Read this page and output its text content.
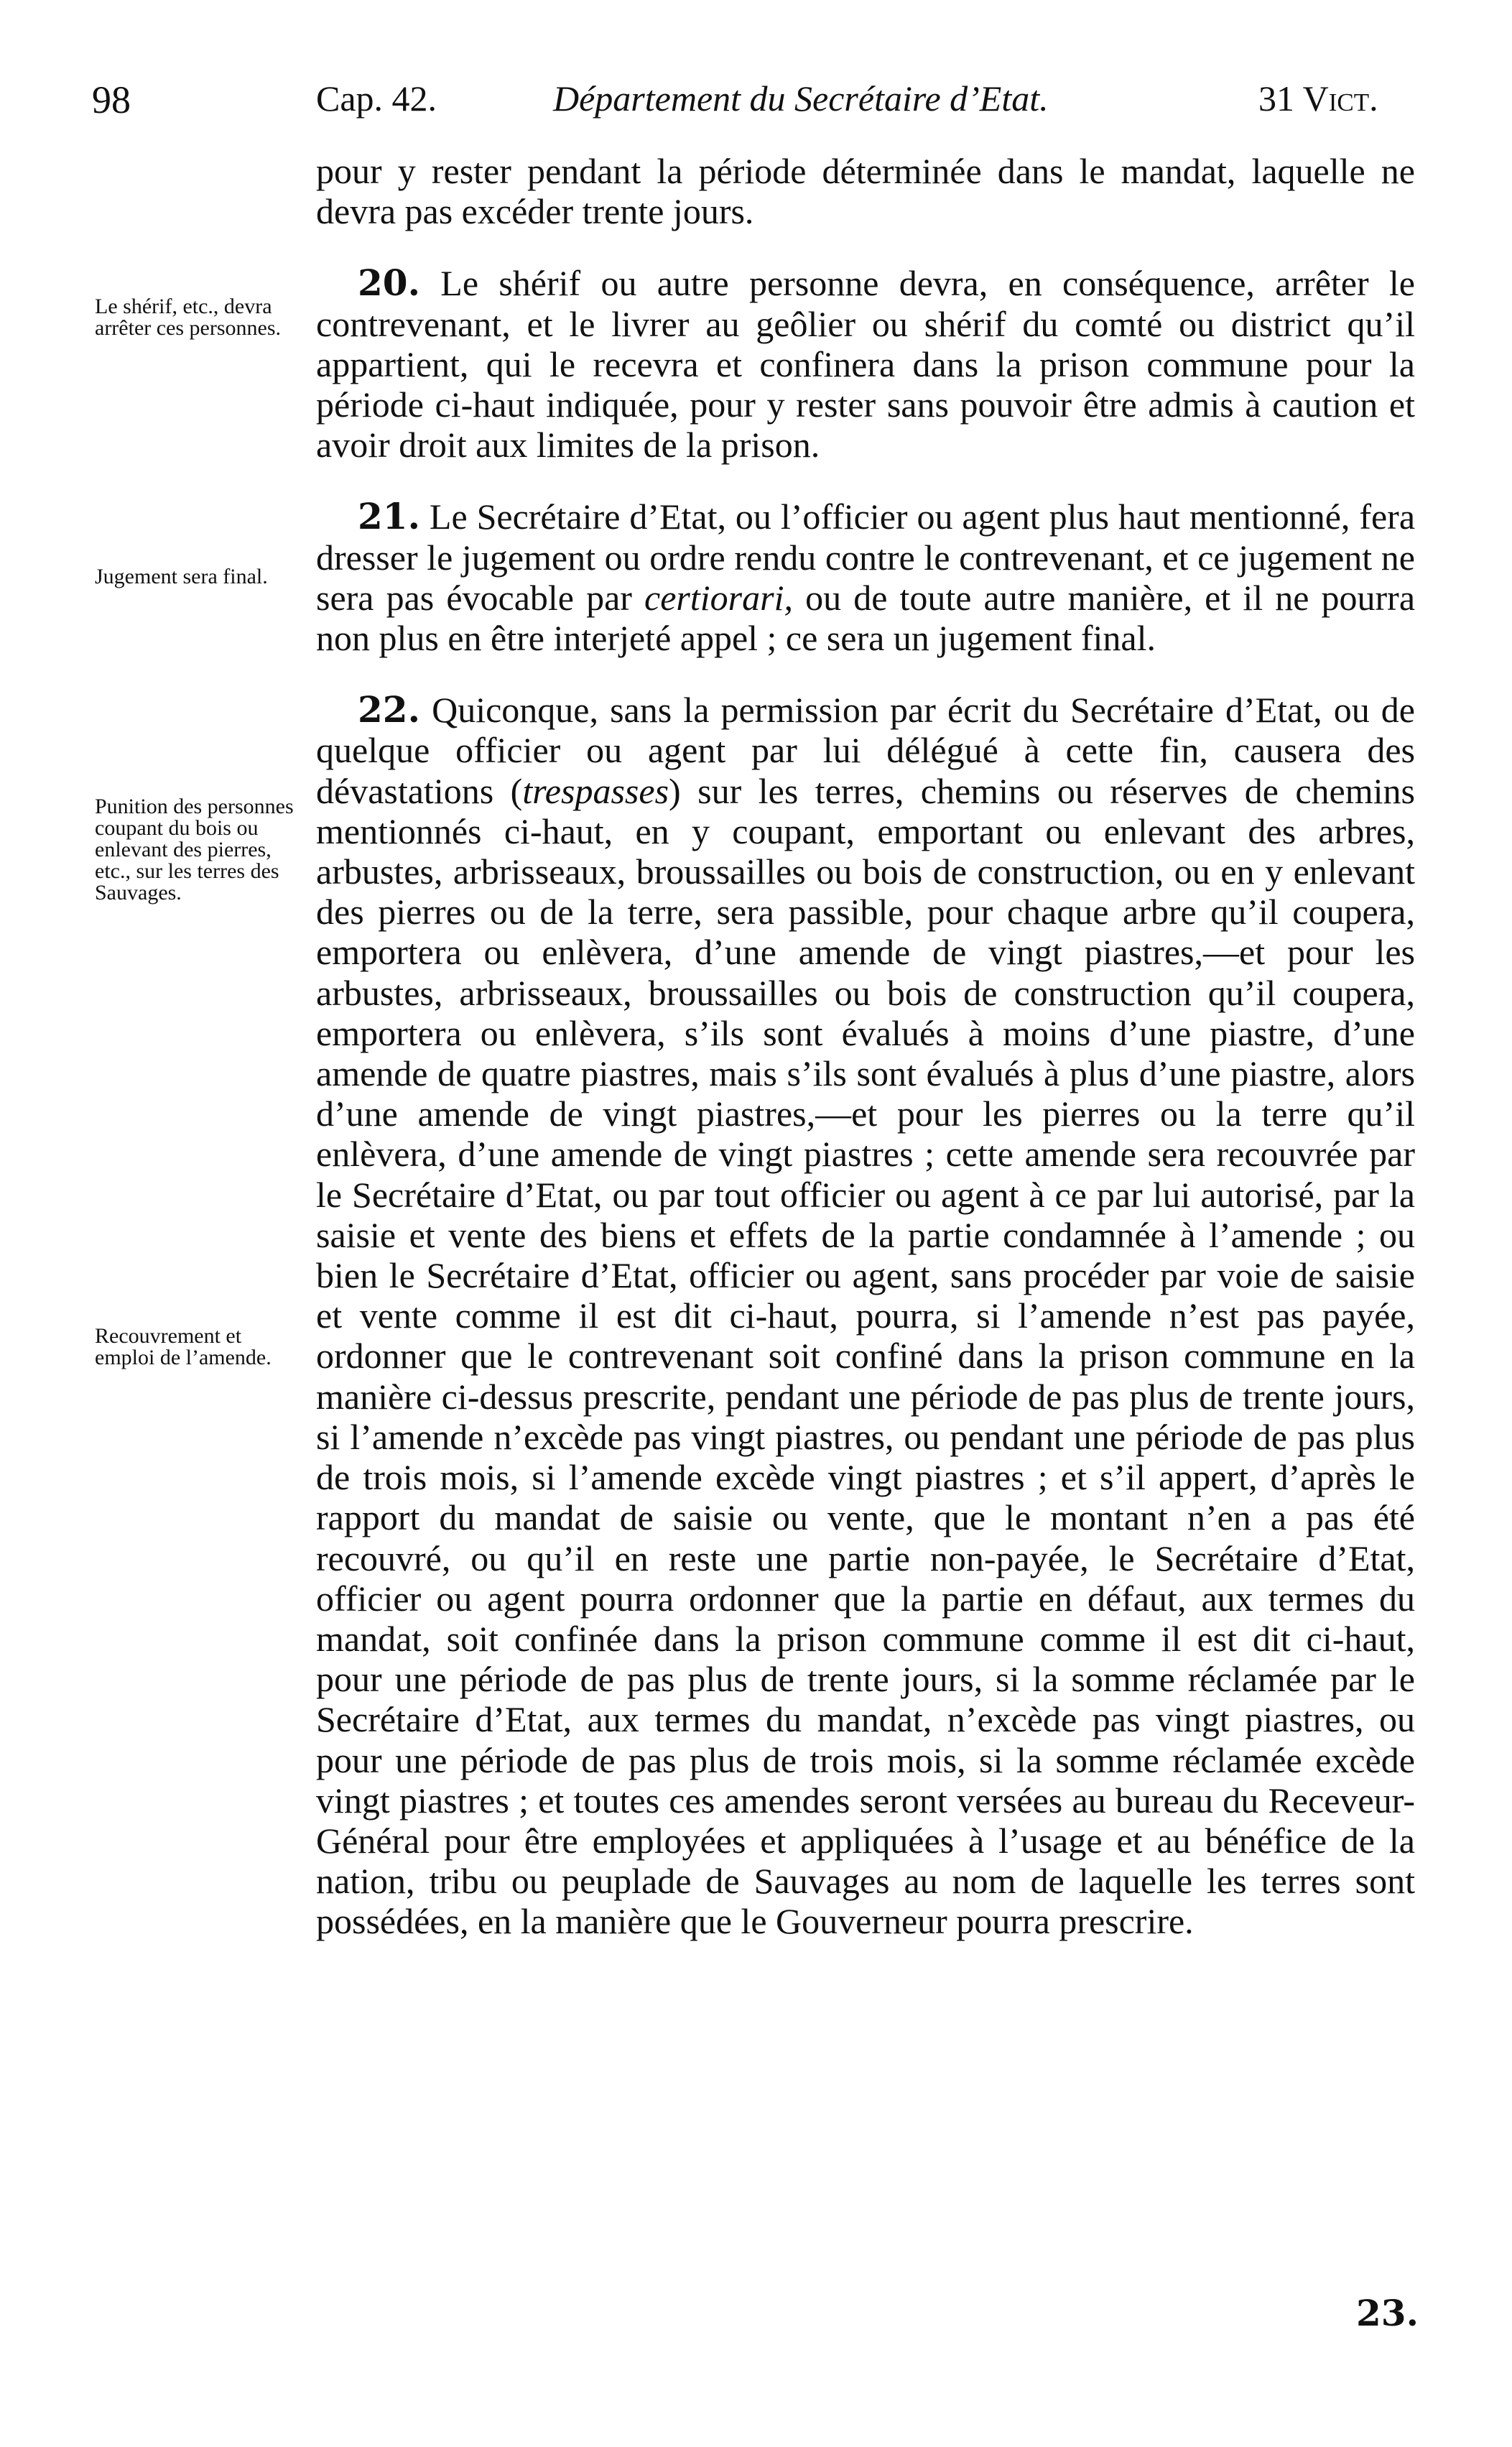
98	Cap. 42.	Département du Secrétaire d’Etat.	31 Vict.
Le shérif, etc., devra arrêter ces personnes.
Jugement sera final.
Punition des personnes coupant du bois ou enlevant des pierres, etc., sur les terres des Sauvages.
Recouvrement et emploi de l’amende.

pour y rester pendant la période déterminée dans le mandat, laquelle ne devra pas excéder trente jours.

20. Le shérif ou autre personne devra, en conséquence, arrêter le contrevenant, et le livrer au geôlier ou shérif du comté ou district qu’il appartient, qui le recevra et confinera dans la prison commune pour la période ci-haut indiquée, pour y rester sans pouvoir être admis à caution et avoir droit aux limites de la prison.

21. Le Secrétaire d’Etat, ou l’officier ou agent plus haut mentionné, fera dresser le jugement ou ordre rendu contre le contrevenant, et ce jugement ne sera pas évocable par certiorari, ou de toute autre manière, et il ne pourra non plus en être interjeté appel ; ce sera un jugement final.

22. Quiconque, sans la permission par écrit du Secrétaire d’Etat, ou de quelque officier ou agent par lui délégué à cette fin, causera des dévastations (trespasses) sur les terres, chemins ou réserves de chemins mentionnés ci-haut, en y coupant, emportant ou enlevant des arbres, arbustes, arbrisseaux, broussailles ou bois de construction, ou en y enlevant des pierres ou de la terre, sera passible, pour chaque arbre qu’il coupera, emportera ou enlèvera, d’une amende de vingt piastres,—et pour les arbustes, arbrisseaux, broussailles ou bois de construction qu’il coupera, emportera ou enlèvera, s’ils sont évalués à moins d’une piastre, d’une amende de quatre piastres, mais s’ils sont évalués à plus d’une piastre, alors d’une amende de vingt piastres,—et pour les pierres ou la terre qu’il enlèvera, d’une amende de vingt piastres ; cette amende sera recouvrée par le Secrétaire d’Etat, ou par tout officier ou agent à ce par lui autorisé, par la saisie et vente des biens et effets de la partie condamnée à l’amende ; ou bien le Secrétaire d’Etat, officier ou agent, sans procéder par voie de saisie et vente comme il est dit ci-haut, pourra, si l’amende n’est pas payée, ordonner que le contrevenant soit confiné dans la prison commune en la manière ci-dessus prescrite, pendant une période de pas plus de trente jours, si l’amende n’excède pas vingt piastres, ou pendant une période de pas plus de trois mois, si l’amende excède vingt piastres ; et s’il appert, d’après le rapport du mandat de saisie ou vente, que le montant n’en a pas été recouvré, ou qu’il en reste une partie non-payée, le Secrétaire d’Etat, officier ou agent pourra ordonner que la partie en défaut, aux termes du mandat, soit confinée dans la prison commune comme il est dit ci-haut, pour une période de pas plus de trente jours, si la somme réclamée par le Secrétaire d’Etat, aux termes du mandat, n’excède pas vingt piastres, ou pour une période de pas plus de trois mois, si la somme réclamée excède vingt piastres ; et toutes ces amendes seront versées au bureau du Receveur-Général pour être employées et appliquées à l’usage et au bénéfice de la nation, tribu ou peuplade de Sauvages au nom de laquelle les terres sont possédées, en la manière que le Gouverneur pourra prescrire.

23.
